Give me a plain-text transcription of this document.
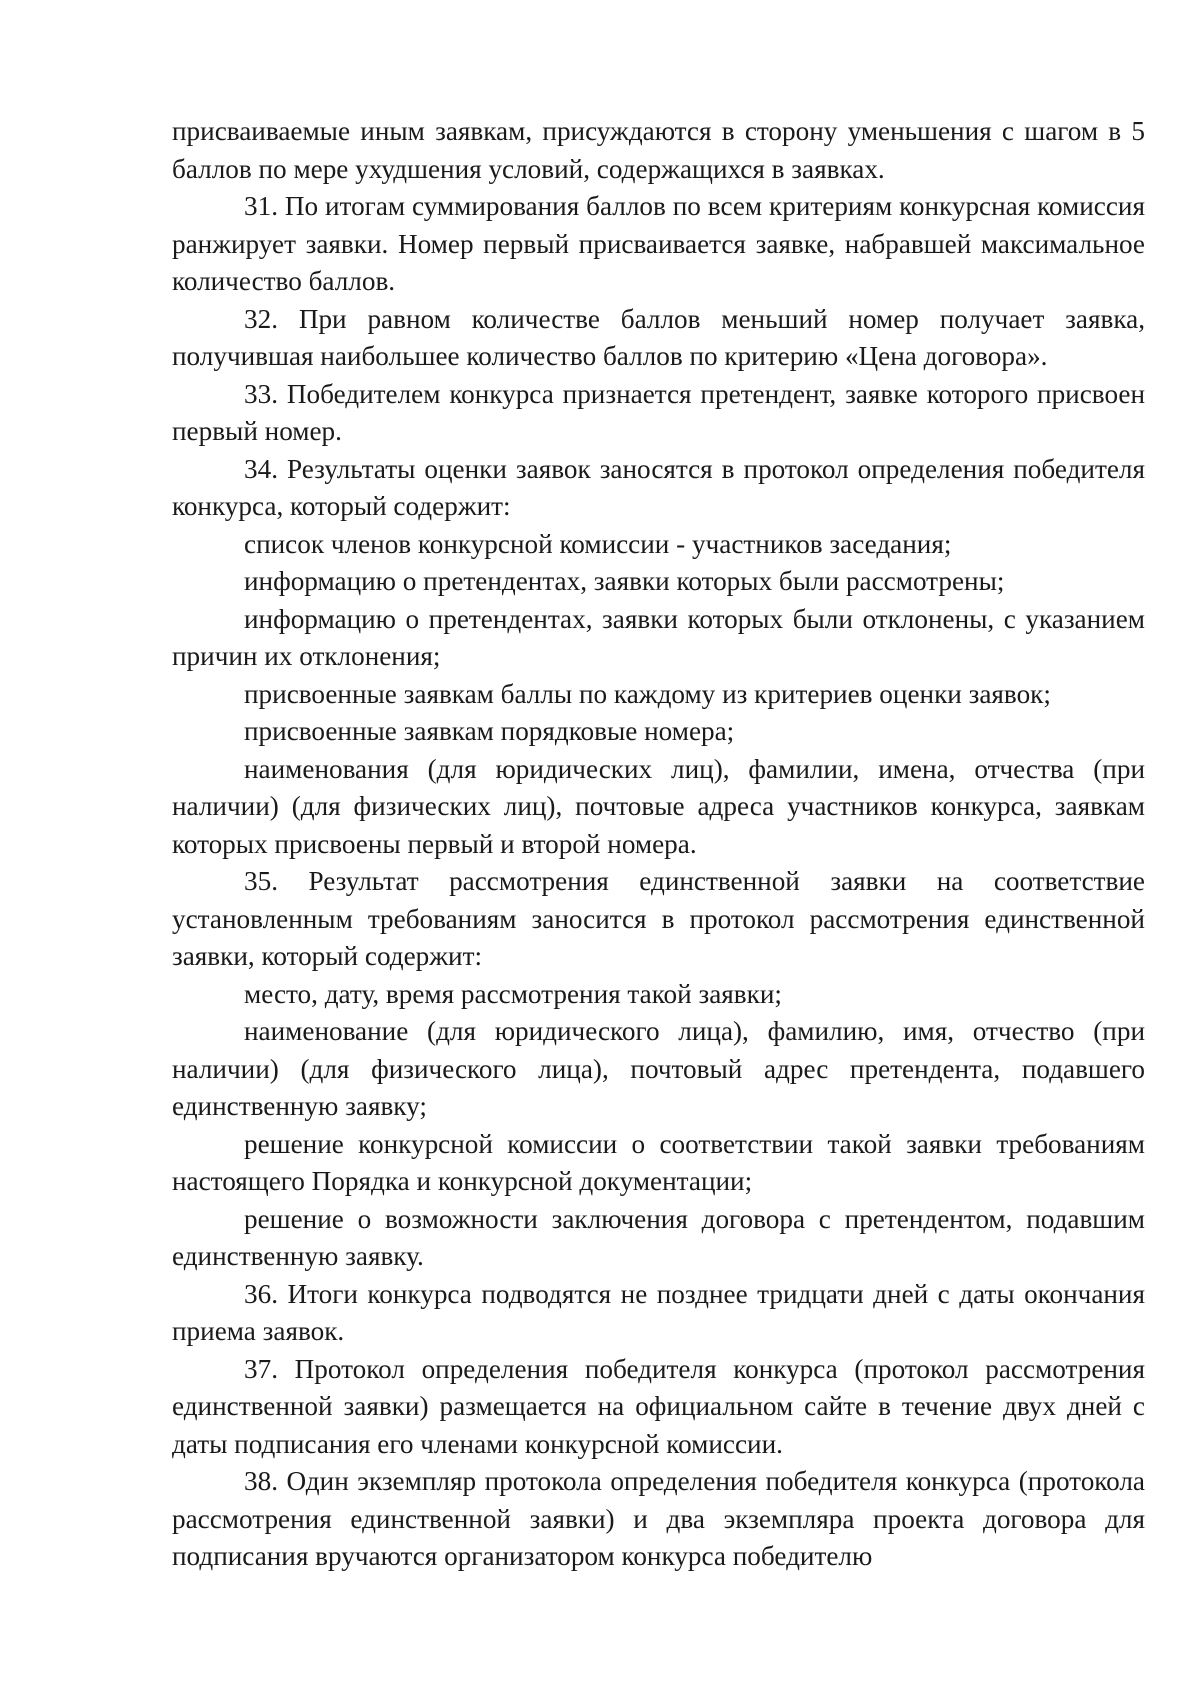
присваиваемые иным заявкам, присуждаются в сторону уменьшения с шагом в 5 баллов по мере ухудшения условий, содержащихся в заявках.

31. По итогам суммирования баллов по всем критериям конкурсная комиссия ранжирует заявки. Номер первый присваивается заявке, набравшей максимальное количество баллов.

32. При равном количестве баллов меньший номер получает заявка, получившая наибольшее количество баллов по критерию «Цена договора».

33. Победителем конкурса признается претендент, заявке которого присвоен первый номер.

34. Результаты оценки заявок заносятся в протокол определения победителя конкурса, который содержит:

список членов конкурсной комиссии - участников заседания;

информацию о претендентах, заявки которых были рассмотрены;

информацию о претендентах, заявки которых были отклонены, с указанием причин их отклонения;

присвоенные заявкам баллы по каждому из критериев оценки заявок;

присвоенные заявкам порядковые номера;

наименования (для юридических лиц), фамилии, имена, отчества (при наличии) (для физических лиц), почтовые адреса участников конкурса, заявкам которых присвоены первый и второй номера.

35. Результат рассмотрения единственной заявки на соответствие установленным требованиям заносится в протокол рассмотрения единственной заявки, который содержит:

место, дату, время рассмотрения такой заявки;

наименование (для юридического лица), фамилию, имя, отчество (при наличии) (для физического лица), почтовый адрес претендента, подавшего единственную заявку;

решение конкурсной комиссии о соответствии такой заявки требованиям настоящего Порядка и конкурсной документации;

решение о возможности заключения договора с претендентом, подавшим единственную заявку.

36. Итоги конкурса подводятся не позднее тридцати дней с даты окончания приема заявок.

37. Протокол определения победителя конкурса (протокол рассмотрения единственной заявки) размещается на официальном сайте в течение двух дней с даты подписания его членами конкурсной комиссии.

38. Один экземпляр протокола определения победителя конкурса (протокола рассмотрения единственной заявки) и два экземпляра проекта договора для подписания вручаются организатором конкурса победителю
